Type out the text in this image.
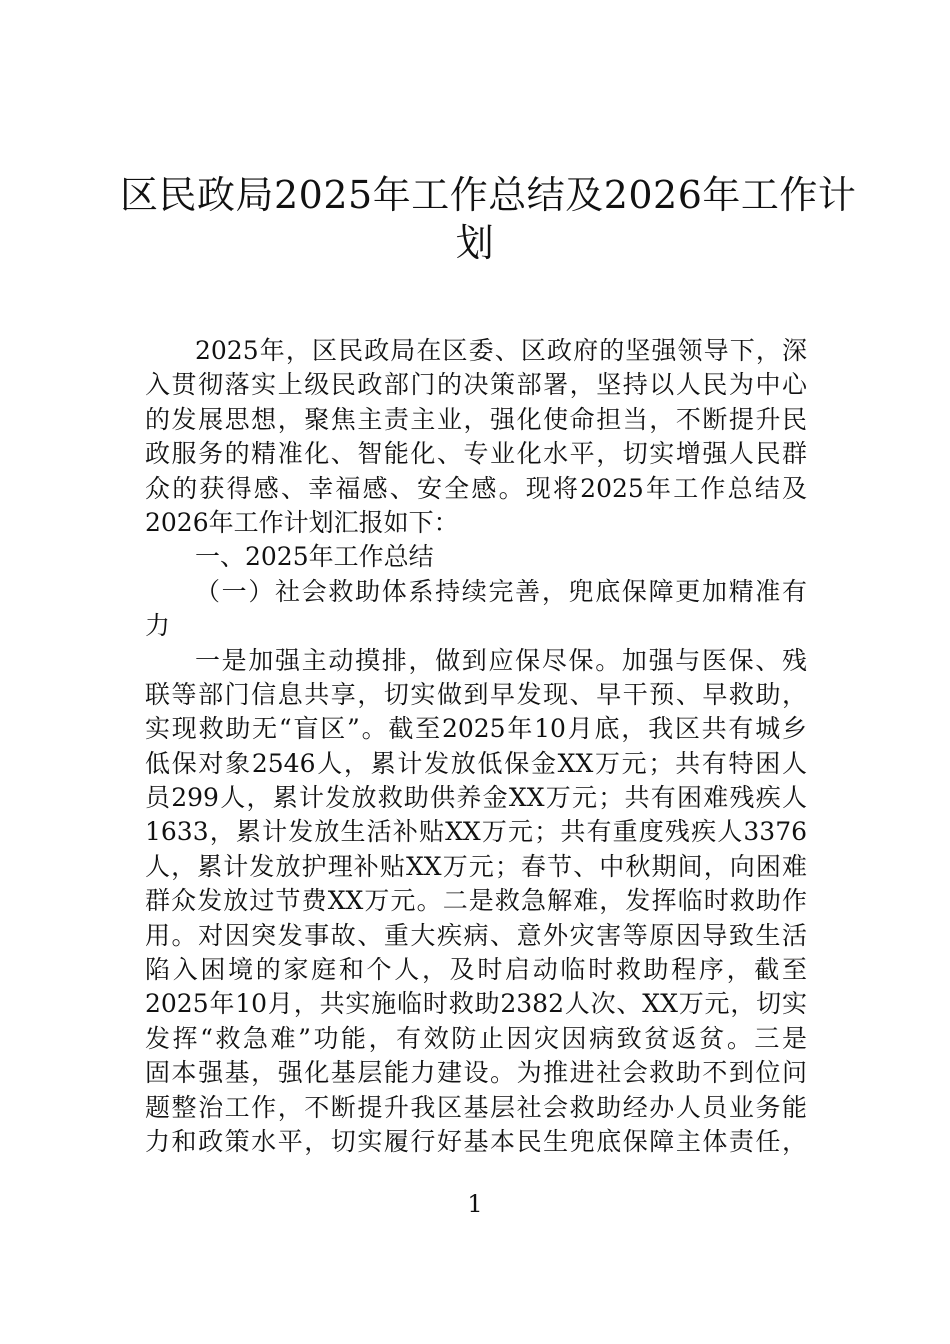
区民政局2025年工作总结及2026年工作计
划
2025年，区民政局在区委、区政府的坚强领导下，深
入贯彻落实上级民政部门的决策部署，坚持以人民为中心
的发展思想，聚焦主责主业，强化使命担当，不断提升民
政服务的精准化、智能化、专业化水平，切实增强人民群
众的获得感、幸福感、安全感。现将2025年工作总结及
2026年工作计划汇报如下：
一、2025年工作总结
（一）社会救助体系持续完善，兜底保障更加精准有
力
一是加强主动摸排，做到应保尽保。加强与医保、残
联等部门信息共享，切实做到早发现、早干预、早救助，
实现救助无“盲区”。截至2025年10月底，我区共有城乡
低保对象2546人，累计发放低保金XX万元；共有特困人
员299人，累计发放救助供养金XX万元；共有困难残疾人
1633，累计发放生活补贴XX万元；共有重度残疾人3376
人，累计发放护理补贴XX万元；春节、中秋期间，向困难
群众发放过节费XX万元。二是救急解难，发挥临时救助作
用。对因突发事故、重大疾病、意外灾害等原因导致生活
陷入困境的家庭和个人，及时启动临时救助程序，截至
2025年10月，共实施临时救助2382人次、XX万元，切实
发挥“救急难”功能，有效防止因灾因病致贫返贫。三是
固本强基，强化基层能力建设。为推进社会救助不到位问
题整治工作，不断提升我区基层社会救助经办人员业务能
力和政策水平，切实履行好基本民生兜底保障主体责任，
1
